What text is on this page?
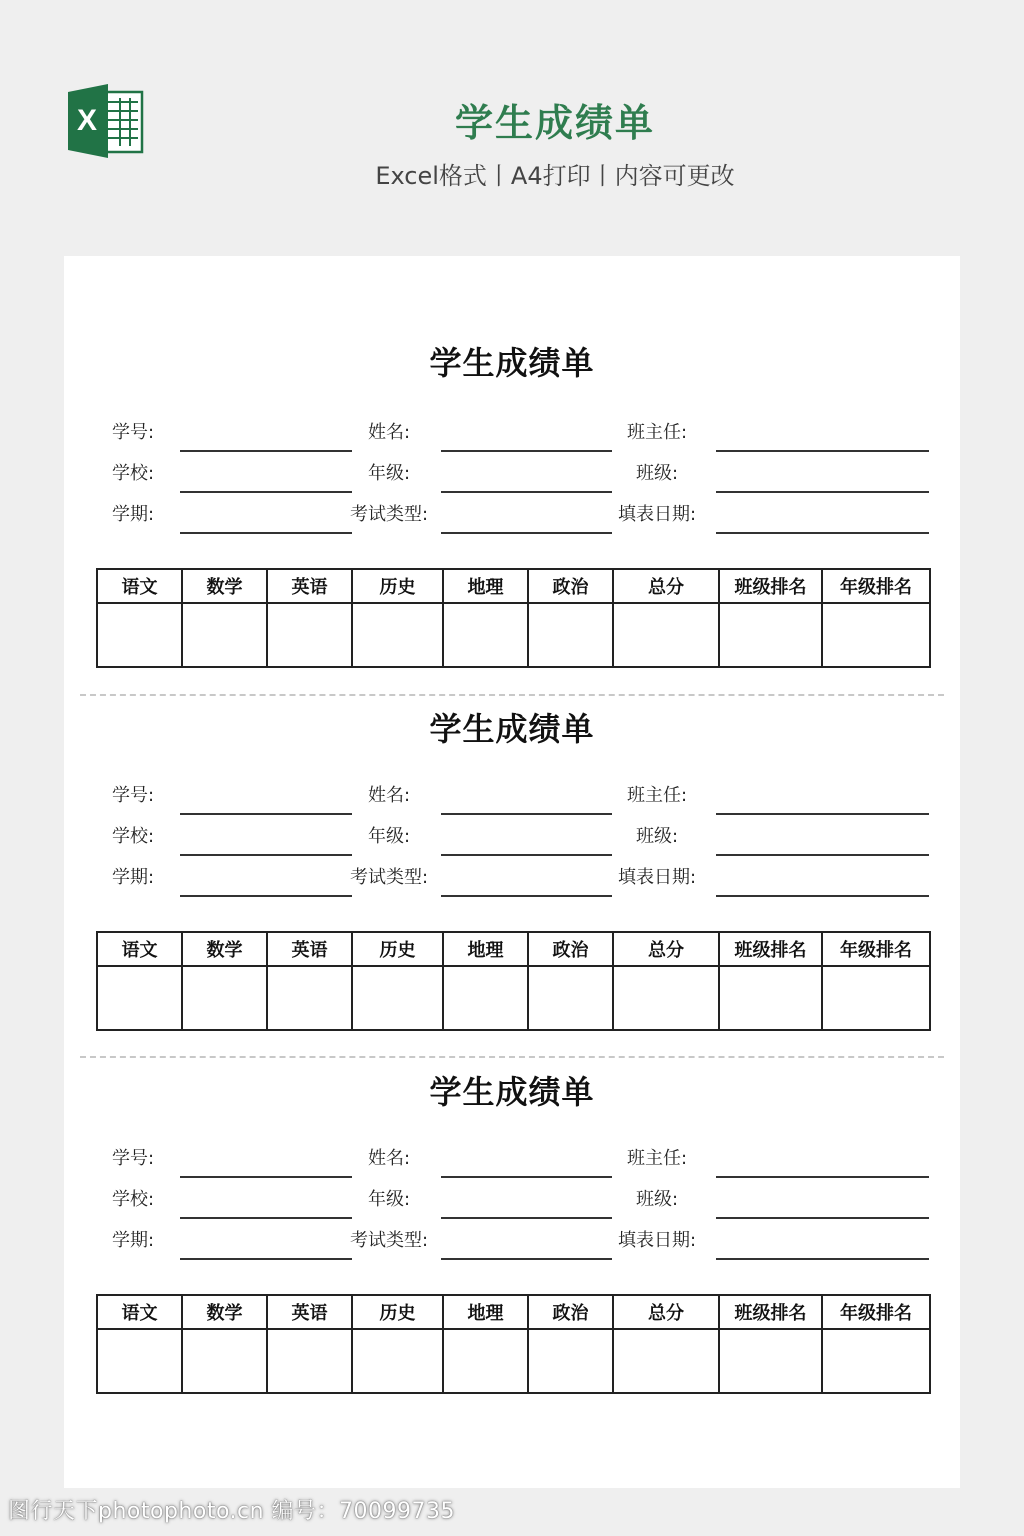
X	学生成绩单
Excel格式丨A4打印丨内容可更改
学生成绩单
学号:	姓名:	班主任:
学校:	年级:	班级:
学期:	考试类型:	填表日期:
语文	数学	英语	历史	地理	政治	总分	班级排名	年级排名

学生成绩单
学号:	姓名:	班主任:
学校:	年级:	班级:
学期:	考试类型:	填表日期:
语文	数学	英语	历史	地理	政治	总分	班级排名	年级排名

学生成绩单
学号:	姓名:	班主任:
学校:	年级:	班级:
学期:	考试类型:	填表日期:
语文	数学	英语	历史	地理	政治	总分	班级排名	年级排名

图行天下photophoto.cn 编号：70099735
